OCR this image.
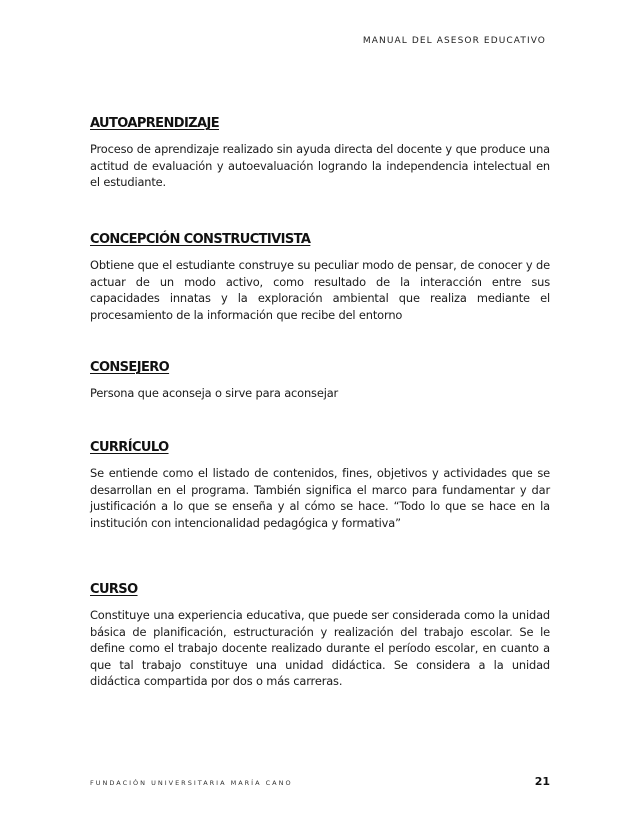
MANUAL DEL ASESOR EDUCATIVO
AUTOAPRENDIZAJE

Proceso de aprendizaje realizado sin ayuda directa del docente y que produce una actitud de evaluación y autoevaluación logrando la independencia intelectual en el estudiante.

CONCEPCIÓN CONSTRUCTIVISTA

Obtiene que el estudiante construye su peculiar modo de pensar, de conocer y de actuar de un modo activo, como resultado de la interacción entre sus capacidades innatas y la exploración ambiental que realiza mediante el procesamiento de la información que recibe del entorno

CONSEJERO

Persona que aconseja o sirve para aconsejar

CURRÍCULO

Se entiende como el listado de contenidos, fines, objetivos y actividades que se desarrollan en el programa. También significa el marco para fundamentar y dar justificación a lo que se enseña y al cómo se hace. “Todo lo que se hace en la institución con intencionalidad pedagógica y formativa”

CURSO

Constituye una experiencia educativa, que puede ser considerada como la unidad básica de planificación, estructuración y realización del trabajo escolar. Se le define como el trabajo docente realizado durante el período escolar, en cuanto a que tal trabajo constituye una unidad didáctica. Se considera a la unidad didáctica compartida por dos o más carreras.

FUNDACIÓN UNIVERSITARIA MARÍA CANO	21
